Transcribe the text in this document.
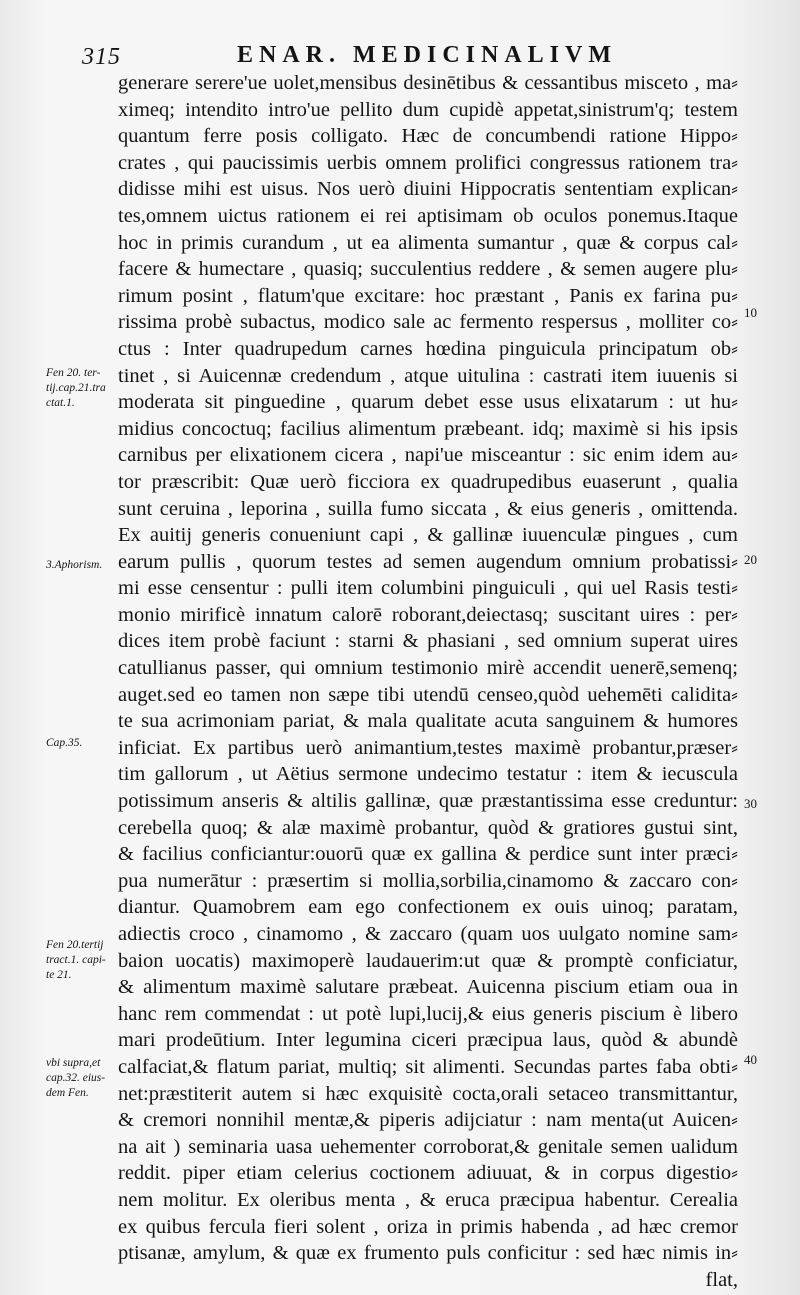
315	ENAR. MEDICINALIVM
generare serere'ue uolet,mensibus desinētibus & cessantibus misceto , ma⸗
ximeq; intendito intro'ue pellito dum cupidè appetat,sinistrum'q; testem
quantum ferre posis colligato. Hæc de concumbendi ratione Hippo⸗
crates , qui paucissimis uerbis omnem prolifici congressus rationem tra⸗
didisse mihi est uisus. Nos uerò diuini Hippocratis sententiam explican⸗
tes,omnem uictus rationem ei rei aptisimam ob oculos ponemus.Itaque
hoc in primis curandum , ut ea alimenta sumantur , quæ & corpus cal⸗
facere & humectare , quasiq; succulentius reddere , & semen augere plu⸗
rimum posint , flatum'que excitare: hoc præstant , Panis ex farina pu⸗
rissima probè subactus, modico sale ac fermento respersus , molliter co⸗
ctus : Inter quadrupedum carnes hœdina pinguicula principatum ob⸗
tinet , si Auicennæ credendum , atque uitulina : castrati item iuuenis si
moderata sit pinguedine , quarum debet esse usus elixatarum : ut hu⸗
midius concoctuq; facilius alimentum præbeant. idq; maximè si his ipsis
carnibus per elixationem cicera , napi'ue misceantur : sic enim idem au⸗
tor præscribit: Quæ uerò ficciora ex quadrupedibus euaserunt , qualia
sunt ceruina , leporina , suilla fumo siccata , & eius generis , omittenda.
Ex auitij generis conueniunt capi , & gallinæ iuuenculæ pingues , cum
earum pullis , quorum testes ad semen augendum omnium probatissi⸗
mi esse censentur : pulli item columbini pinguiculi , qui uel Rasis testi⸗
monio mirificè innatum calorē roborant,deiectasq; suscitant uires : per⸗
dices item probè faciunt : starni & phasiani , sed omnium superat uires
catullianus passer, qui omnium testimonio mirè accendit uenerē,semenq;
auget.sed eo tamen non sæpe tibi utendū censeo,quòd uehemēti calidita⸗
te sua acrimoniam pariat, & mala qualitate acuta sanguinem & humores
inficiat. Ex partibus uerò animantium,testes maximè probantur,præser⸗
tim gallorum , ut Aëtius sermone undecimo testatur : item & iecuscula
potissimum anseris & altilis gallinæ, quæ præstantissima esse creduntur:
cerebella quoq; & alæ maximè probantur, quòd & gratiores gustui sint,
& facilius conficiantur:ouorū quæ ex gallina & perdice sunt inter præci⸗
pua numerātur : præsertim si mollia,sorbilia,cinamomo & zaccaro con⸗
diantur. Quamobrem eam ego confectionem ex ouis uinoq; paratam,
adiectis croco , cinamomo , & zaccaro (quam uos uulgato nomine sam⸗
baion uocatis) maximoperè laudauerim:ut quæ & promptè conficiatur,
& alimentum maximè salutare præbeat. Auicenna piscium etiam oua in
hanc rem commendat : ut potè lupi,lucij,& eius generis piscium è libero
mari prodeūtium. Inter legumina ciceri præcipua laus, quòd & abundè
calfaciat,& flatum pariat, multiq; sit alimenti. Secundas partes faba obti⸗
net:præstiterit autem si hæc exquisitè cocta,orali setaceo transmittantur,
& cremori nonnihil mentæ,& piperis adijciatur : nam menta(ut Auicen⸗
na ait ) seminaria uasa uehementer corroborat,& genitale semen ualidum
reddit. piper etiam celerius coctionem adiuuat, & in corpus digestio⸗
nem molitur. Ex oleribus menta , & eruca præcipua habentur. Cerealia
ex quibus fercula fieri solent , oriza in primis habenda , ad hæc cremor
ptisanæ, amylum, & quæ ex frumento puls conficitur : sed hæc nimis in⸗
flat,
Fen 20. ter-
tij.cap.21.tra
ctat.1.
3.Aphorism.
Cap.35.
Fen 20.tertij
tract.1. capi-
te 21.
vbi supra,et
cap.32. eius-
dem Fen.
10
20
30
40
